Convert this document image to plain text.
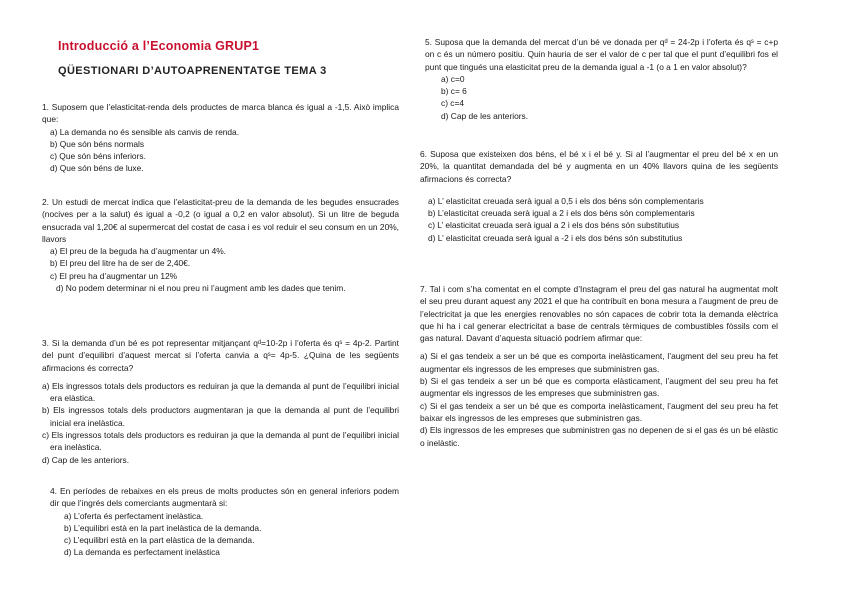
Introducció a l’Economia GRUP1
QÜESTIONARI D’AUTOAPRENENTATGE TEMA 3

1. Suposem que l’elasticitat-renda dels productes de marca blanca és igual a -1,5. Això implica que:

a) La demanda no és sensible als canvis de renda.
b) Que són béns normals
c) Que són béns inferiors.
d) Que són béns de luxe.

2. Un estudi de mercat indica que l’elasticitat-preu de la demanda de les begudes ensucrades (nocives per a la salut) és igual a -0,2 (o igual a 0,2 en valor absolut). Si un litre de beguda ensucrada val 1,20€ al supermercat del costat de casa i es vol reduir el seu consum en un 20%, llavors

a) El preu de la beguda ha d’augmentar un 4%.
b) El preu del litre ha de ser de 2,40€.
c) El preu ha d’augmentar un 12%
d) No podem determinar ni el nou preu ni l’augment amb les dades que tenim.

3. Si la demanda d’un bé es pot representar mitjançant qᵈ=10-2p i l’oferta és qˢ = 4p-2. Partint del punt d’equilibri d’aquest mercat si l’oferta canvia a qˢ= 4p-5. ¿Quina de les següents afirmacions és correcta?

a) Els ingressos totals dels productors es reduiran ja que la demanda al punt de l’equilibri inicial era elàstica.
b) Els ingressos totals dels productors augmentaran ja que la demanda al punt de l’equilibri inicial era inelàstica.
c) Els ingressos totals dels productors es reduiran ja que la demanda al punt de l’equilibri inicial era inelàstica.
d) Cap de les anteriors.

4. En períodes de rebaixes en els preus de molts productes són en general inferiors podem dir que l’ingrés dels comerciants augmentarà si:

a) L’oferta és perfectament inelàstica.
b) L’equilibri està en la part inelàstica de la demanda.
c) L’equilibri està en la part elàstica de la demanda.
d) La demanda es perfectament inelàstica

5. Suposa que la demanda del mercat d’un bé ve donada per qᵈ = 24-2p i l’oferta és qˢ = c+p on c és un número positiu. Quin hauria de ser el valor de c per tal que el punt d’equilibri fos el punt que tingués una elasticitat preu de la demanda igual a -1 (o a 1 en valor absolut)?

a) c=0
b) c= 6
c) c=4
d) Cap de les anteriors.

6. Suposa que existeixen dos béns, el bé x i el bé y. Si al l’augmentar el preu del bé x en un 20%, la quantitat demandada del bé y augmenta en un 40% llavors quina de les següents afirmacions és correcta?

a) L’ elasticitat creuada serà igual a 0,5 i els dos béns són complementaris
b) L’elasticitat creuada serà igual a 2 i els dos béns són complementaris
c) L’ elasticitat creuada serà igual a 2 i els dos béns són substitutius
d) L’ elasticitat creuada serà igual a -2 i els dos béns són substitutius

7. Tal i com s’ha comentat en el compte d’Instagram el preu del gas natural ha augmentat molt el seu preu durant aquest any 2021 el que ha contribuït en bona mesura a l’augment de preu de l’electricitat ja que les energies renovables no són capaces de cobrir tota la demanda elèctrica que hi ha i cal generar electricitat a base de centrals tèrmiques de combustibles fòssils com el gas natural. Davant d’aquesta situació podríem afirmar que:

a) Si el gas tendeix a ser un bé que es comporta inelàsticament, l’augment del seu preu ha fet augmentar els ingressos de les empreses que subministren gas.
b) Si el gas tendeix a ser un bé que es comporta elàsticament, l’augment del seu preu ha fet augmentar els ingressos de les empreses que subministren gas.
c) Si el gas tendeix a ser un bé que es comporta inelàsticament, l’augment del seu preu ha fet baixar els ingressos de les empreses que subministren gas.
d) Els ingressos de les empreses que subministren gas no depenen de si el gas és un bé elàstic o inelàstic.
